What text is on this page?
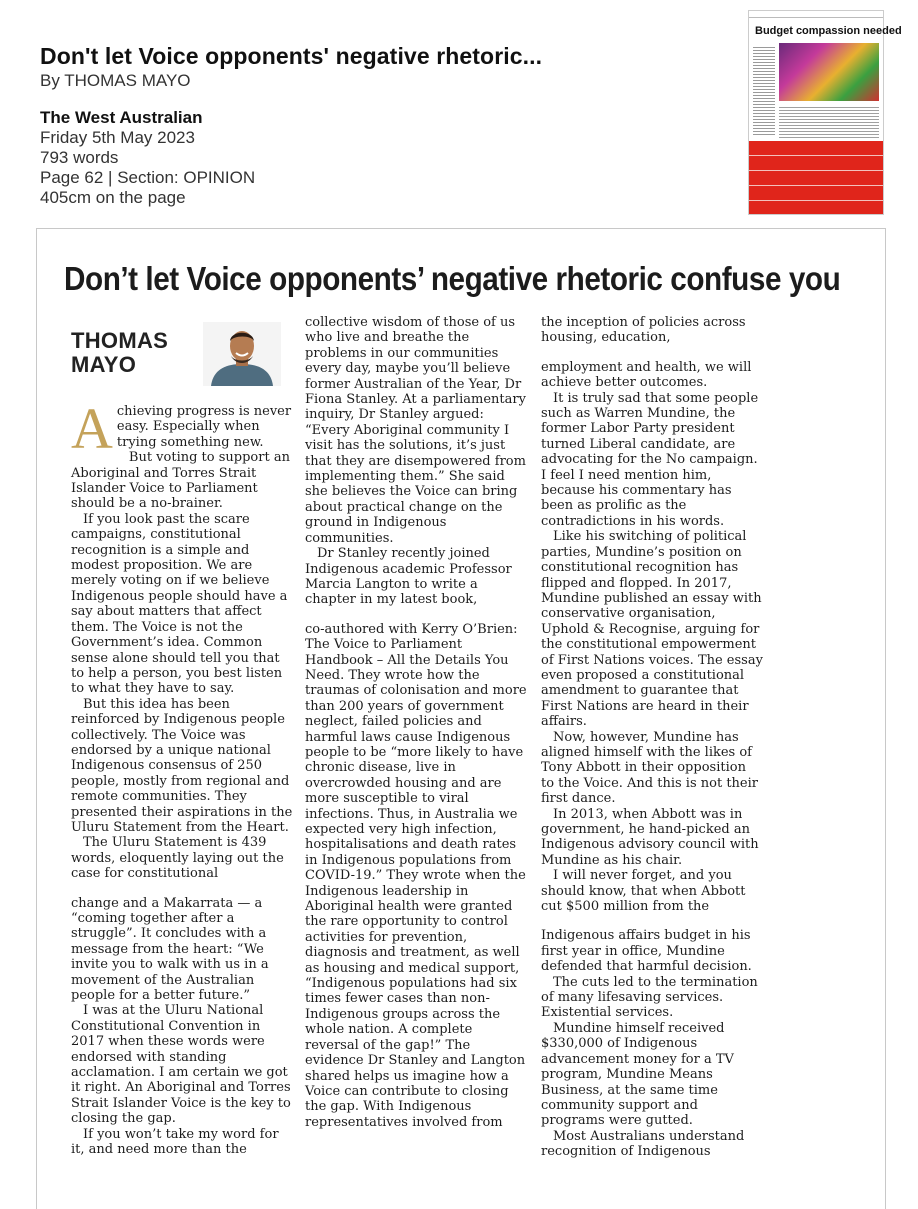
Don't let Voice opponents' negative rhetoric...

By THOMAS MAYO

The West Australian

Friday 5th May 2023

793 words

Page 62 | Section: OPINION

405cm on the page

Budget compassion needed
Don’t let Voice opponents’ negative rhetoric confuse you
THOMAS
MAYO

Achieving progress is never easy. Especially when trying something new.

But voting to support an Aboriginal and Torres Strait Islander Voice to Parliament should be a no-brainer.

If you look past the scare campaigns, constitutional recognition is a simple and modest proposition. We are merely voting on if we believe Indigenous people should have a say about matters that affect them. The Voice is not the Government’s idea. Common sense alone should tell you that to help a person, you best listen to what they have to say.

But this idea has been reinforced by Indigenous people collectively. The Voice was endorsed by a unique national Indigenous consensus of 250 people, mostly from regional and remote communities. They presented their aspirations in the Uluru Statement from the Heart.

The Uluru Statement is 439 words, eloquently laying out the case for constitutional

change and a Makarrata — a “coming together after a struggle”. It concludes with a message from the heart: “We invite you to walk with us in a movement of the Australian people for a better future.”

I was at the Uluru National Constitutional Convention in 2017 when these words were endorsed with standing acclamation. I am certain we got it right. An Aboriginal and Torres Strait Islander Voice is the key to closing the gap.

If you won’t take my word for it, and need more than the

collective wisdom of those of us who live and breathe the problems in our communities every day, maybe you’ll believe former Australian of the Year, Dr Fiona Stanley. At a parliamentary inquiry, Dr Stanley argued: “Every Aboriginal community I visit has the solutions, it’s just that they are disempowered from implementing them.” She said she believes the Voice can bring about practical change on the ground in Indigenous communities.

Dr Stanley recently joined Indigenous academic Professor Marcia Langton to write a chapter in my latest book,

co-authored with Kerry O’Brien: The Voice to Parliament Handbook – All the Details You Need. They wrote how the traumas of colonisation and more than 200 years of government neglect, failed policies and harmful laws cause Indigenous people to be “more likely to have chronic disease, live in overcrowded housing and are more susceptible to viral infections. Thus, in Australia we expected very high infection, hospitalisations and death rates in Indigenous populations from COVID-19.” They wrote when the Indigenous leadership in Aboriginal health were granted the rare opportunity to control activities for prevention, diagnosis and treatment, as well as housing and medical support, “Indigenous populations had six times fewer cases than non-Indigenous groups across the whole nation. A complete reversal of the gap!” The evidence Dr Stanley and Langton shared helps us imagine how a Voice can contribute to closing the gap. With Indigenous representatives involved from

the inception of policies across housing, education,

employment and health, we will achieve better outcomes.

It is truly sad that some people such as Warren Mundine, the former Labor Party president turned Liberal candidate, are advocating for the No campaign. I feel I need mention him, because his commentary has been as prolific as the contradictions in his words.

Like his switching of political parties, Mundine’s position on constitutional recognition has flipped and flopped. In 2017, Mundine published an essay with conservative organisation, Uphold & Recognise, arguing for the constitutional empowerment of First Nations voices. The essay even proposed a constitutional amendment to guarantee that First Nations are heard in their affairs.

Now, however, Mundine has aligned himself with the likes of Tony Abbott in their opposition to the Voice. And this is not their first dance.

In 2013, when Abbott was in government, he hand-picked an Indigenous advisory council with Mundine as his chair.

I will never forget, and you should know, that when Abbott cut $500 million from the

Indigenous affairs budget in his first year in office, Mundine defended that harmful decision.

The cuts led to the termination of many lifesaving services. Existential services.

Mundine himself received $330,000 of Indigenous advancement money for a TV program, Mundine Means Business, at the same time community support and programs were gutted.

Most Australians understand recognition of Indigenous
